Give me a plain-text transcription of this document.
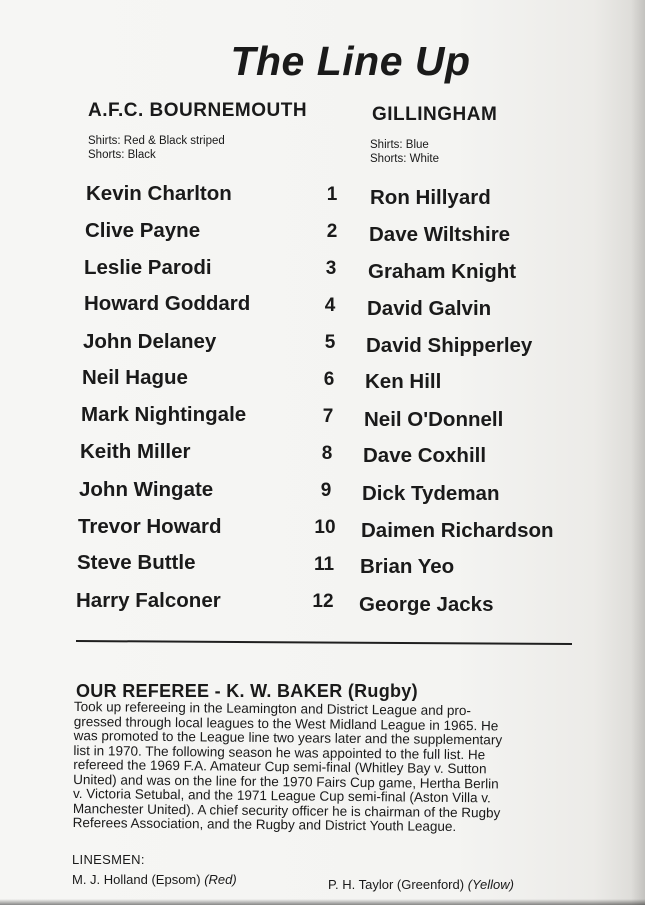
The Line Up
A.F.C. BOURNEMOUTH	GILLINGHAM
Shirts: Red & Black striped
Shorts: Black
Shirts: Blue
Shorts: White
Kevin Charlton
Clive Payne
Leslie Parodi
Howard Goddard
John Delaney
Neil Hague
Mark Nightingale
Keith Miller
John Wingate
Trevor Howard
Steve Buttle
Harry Falconer
1
2
3
4
5
6
7
8
9
10
11
12
Ron Hillyard
Dave Wiltshire
Graham Knight
David Galvin
David Shipperley
Ken Hill
Neil O'Donnell
Dave Coxhill
Dick Tydeman
Daimen Richardson
Brian Yeo
George Jacks
OUR REFEREE - K. W. BAKER (Rugby)
Took up refereeing in the Leamington and District League and pro-
gressed through local leagues to the West Midland League in 1965. He
was promoted to the League line two years later and the supplementary
list in 1970. The following season he was appointed to the full list. He
refereed the 1969 F.A. Amateur Cup semi-final (Whitley Bay v. Sutton
United) and was on the line for the 1970 Fairs Cup game, Hertha Berlin
v. Victoria Setubal, and the 1971 League Cup semi-final (Aston Villa v.
Manchester United). A chief security officer he is chairman of the Rugby
Referees Association, and the Rugby and District Youth League.
LINESMEN:
M. J. Holland (Epsom) (Red)	P. H. Taylor (Greenford) (Yellow)
